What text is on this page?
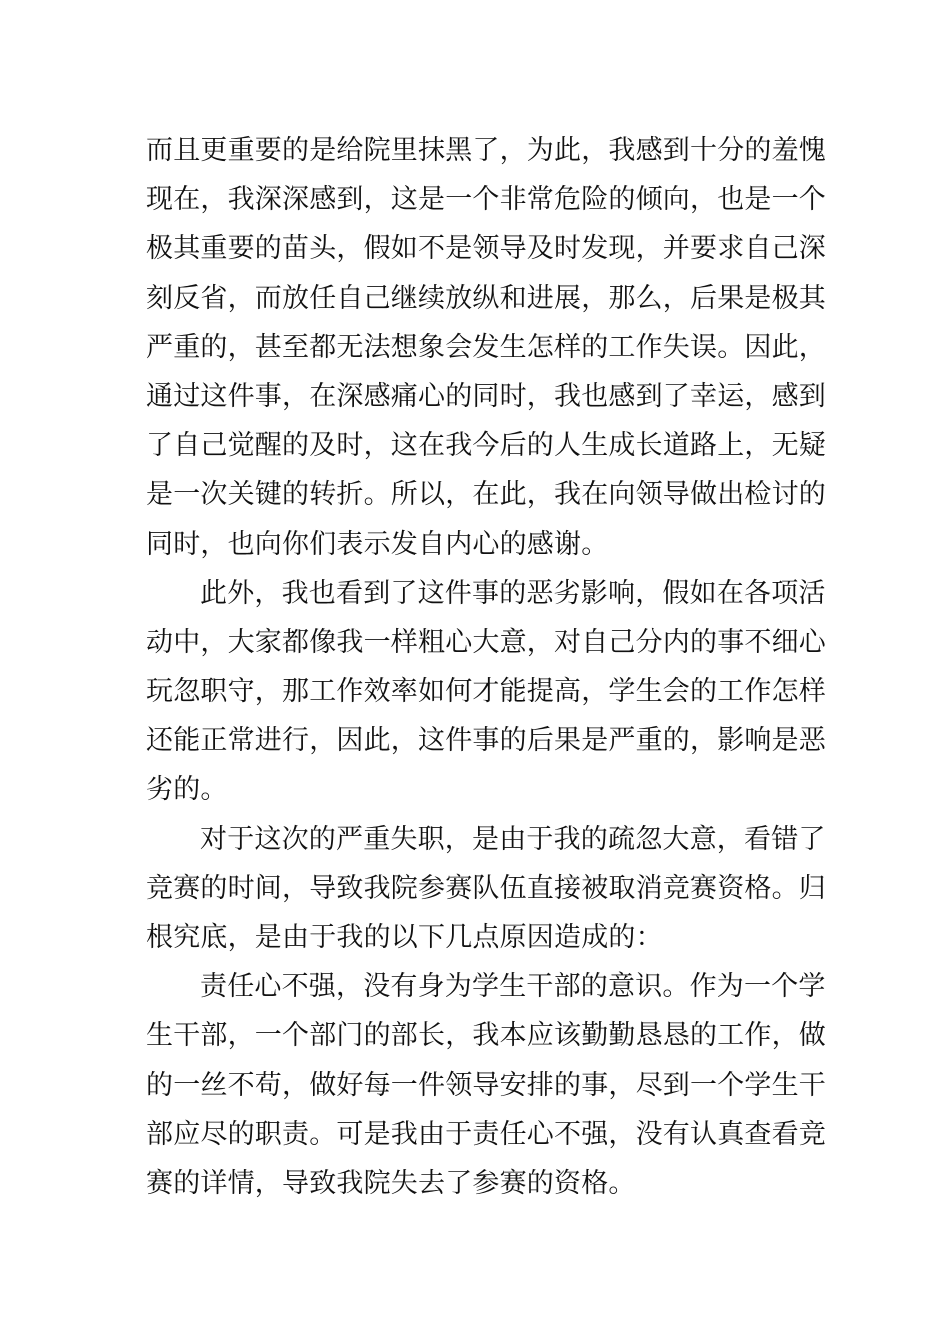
而且更重要的是给院里抹黑了，为此，我感到十分的羞愧
现在，我深深感到，这是一个非常危险的倾向，也是一个
极其重要的苗头，假如不是领导及时发现，并要求自己深
刻反省，而放任自己继续放纵和进展，那么，后果是极其
严重的，甚至都无法想象会发生怎样的工作失误。因此，
通过这件事，在深感痛心的同时，我也感到了幸运，感到
了自己觉醒的及时，这在我今后的人生成长道路上，无疑
是一次关键的转折。所以，在此，我在向领导做出检讨的
同时，也向你们表示发自内心的感谢。
此外，我也看到了这件事的恶劣影响，假如在各项活
动中，大家都像我一样粗心大意，对自己分内的事不细心
玩忽职守，那工作效率如何才能提高，学生会的工作怎样
还能正常进行，因此，这件事的后果是严重的，影响是恶
劣的。
对于这次的严重失职，是由于我的疏忽大意，看错了
竞赛的时间，导致我院参赛队伍直接被取消竞赛资格。归
根究底，是由于我的以下几点原因造成的：
责任心不强，没有身为学生干部的意识。作为一个学
生干部，一个部门的部长，我本应该勤勤恳恳的工作，做
的一丝不苟，做好每一件领导安排的事，尽到一个学生干
部应尽的职责。可是我由于责任心不强，没有认真查看竞
赛的详情，导致我院失去了参赛的资格。
